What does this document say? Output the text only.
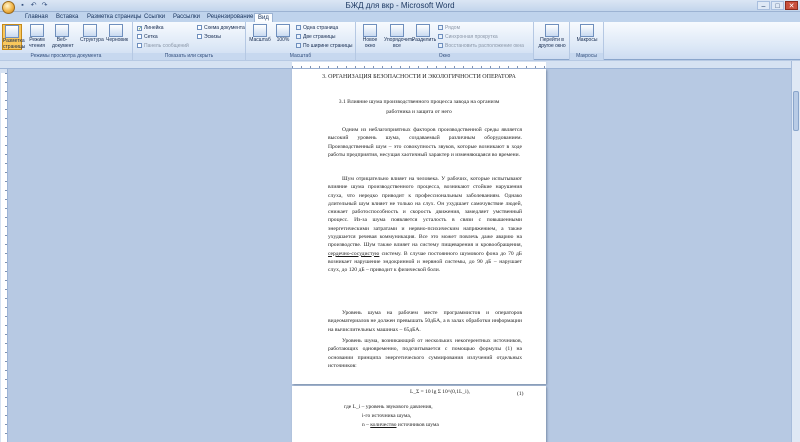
▪ ↶ ↷	БЖД для вкр - Microsoft Word	–	□	✕
Главная	Вставка	Разметка страницы Ссылки	Рассылки	Рецензирование Вид
Разметка страницы
Режим чтения
Веб-документ
Структура Черновик
Режимы просмотра документа
✓ Линейка
Сетка
Панель сообщений
Схема документа
Эскизы
Показать или скрыть
Масштаб	100%
Одна страница
Две страницы
По ширине страницы
Масштаб
Новое окно
Упорядочить все
Разделить
Рядом
Синхронная прокрутка
Восстановить расположение окна
Окно
Перейти в другое окно
Макросы
Макросы
3. ОРГАНИЗАЦИЯ БЕЗОПАСНОСТИ И ЭКОЛОГИЧНОСТИ ОПЕРАТОРА
3.1 Влияние шума производственного процесса завода на организм
работника и защита от него
Одним из неблагоприятных факторов производственной среды является высокий уровень шума, создаваемый различным оборудованием. Производственный шум – это совокупность звуков, которые возникают в ходе работы предприятия, несущая хаотичный характер и изменяющаяся во времени.
Шум отрицательно влияет на человека. У рабочих, которые испытывают влияние шума производственного процесса, возникают стойкие нарушения слуха, что нередко приводит к профессиональным заболеваниям. Однако длительный шум влияет не только на слух. Он ухудшает самочувствие людей, снижает работоспособность и скорость движения, замедляет умственный процесс. Из-за шума появляется усталость в связи с повышенными энергетическими затратами и нервно-психическим напряжением, а также ухудшается речевая коммуникация. Все это может повлечь даже аварию на производстве. Шум также влияет на систему пищеварения и кровообращения, сердечно-сосудистую систему. В случае постоянного шумового фона до 70 дБ возникает нарушение эндокринной и нервной системы, до 90 дБ – нарушает слух, до 120 дБ – приводит к физической боли.
Уровень шума на рабочем месте программистов и операторов видеоматериалов не должен превышать 50дБА, а в залах обработки информации на вычислительных машинах – 65дБА.
Уровень шума, возникающий от нескольких некогерентных источников, работающих одновременно, подсчитывается с помощью формулы (1) на основании принципа энергетического суммирования излучений отдельных источников:
L_Σ = 10 lg Σ 10^(0,1L_i),	(1)
где L_i – уровень звукового давления,
i-го источника шума,
n – количество источников шума
